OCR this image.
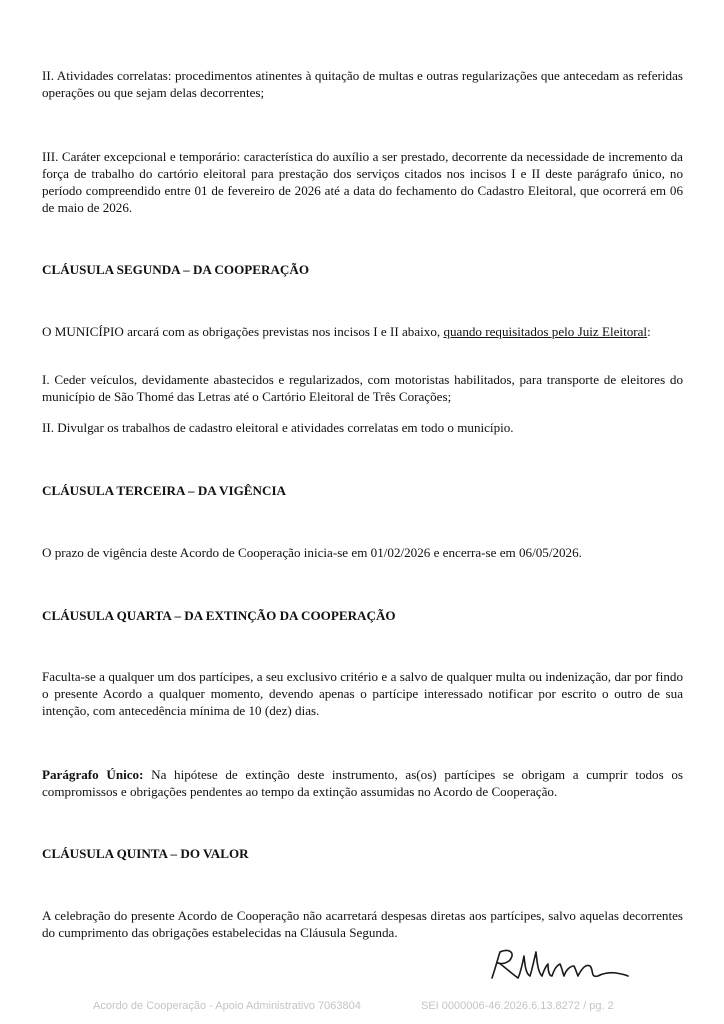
II. Atividades correlatas: procedimentos atinentes à quitação de multas e outras regularizações que antecedam as referidas operações ou que sejam delas decorrentes;

III. Caráter excepcional e temporário: característica do auxílio a ser prestado, decorrente da necessidade de incremento da força de trabalho do cartório eleitoral para prestação dos serviços citados nos incisos I e II deste parágrafo único, no período compreendido entre 01 de fevereiro de 2026 até a data do fechamento do Cadastro Eleitoral, que ocorrerá em 06 de maio de 2026.

CLÁUSULA SEGUNDA – DA COOPERAÇÃO

O MUNICÍPIO arcará com as obrigações previstas nos incisos I e II abaixo, quando requisitados pelo Juiz Eleitoral:

I. Ceder veículos, devidamente abastecidos e regularizados, com motoristas habilitados, para transporte de eleitores do município de São Thomé das Letras até o Cartório Eleitoral de Três Corações;

II. Divulgar os trabalhos de cadastro eleitoral e atividades correlatas em todo o município.

CLÁUSULA TERCEIRA – DA VIGÊNCIA

O prazo de vigência deste Acordo de Cooperação inicia-se em 01/02/2026 e encerra-se em 06/05/2026.

CLÁUSULA QUARTA – DA EXTINÇÃO DA COOPERAÇÃO

Faculta-se a qualquer um dos partícipes, a seu exclusivo critério e a salvo de qualquer multa ou indenização, dar por findo o presente Acordo a qualquer momento, devendo apenas o partícipe interessado notificar por escrito o outro de sua intenção, com antecedência mínima de 10 (dez) dias.

Parágrafo Único: Na hipótese de extinção deste instrumento, as(os) partícipes se obrigam a cumprir todos os compromissos e obrigações pendentes ao tempo da extinção assumidas no Acordo de Cooperação.

CLÁUSULA QUINTA – DO VALOR

A celebração do presente Acordo de Cooperação não acarretará despesas diretas aos partícipes, salvo aquelas decorrentes do cumprimento das obrigações estabelecidas na Cláusula Segunda.

Acordo de Cooperação - Apoio Administrativo 7063804	SEI 0000006-46.2026.6.13.8272 / pg. 2
